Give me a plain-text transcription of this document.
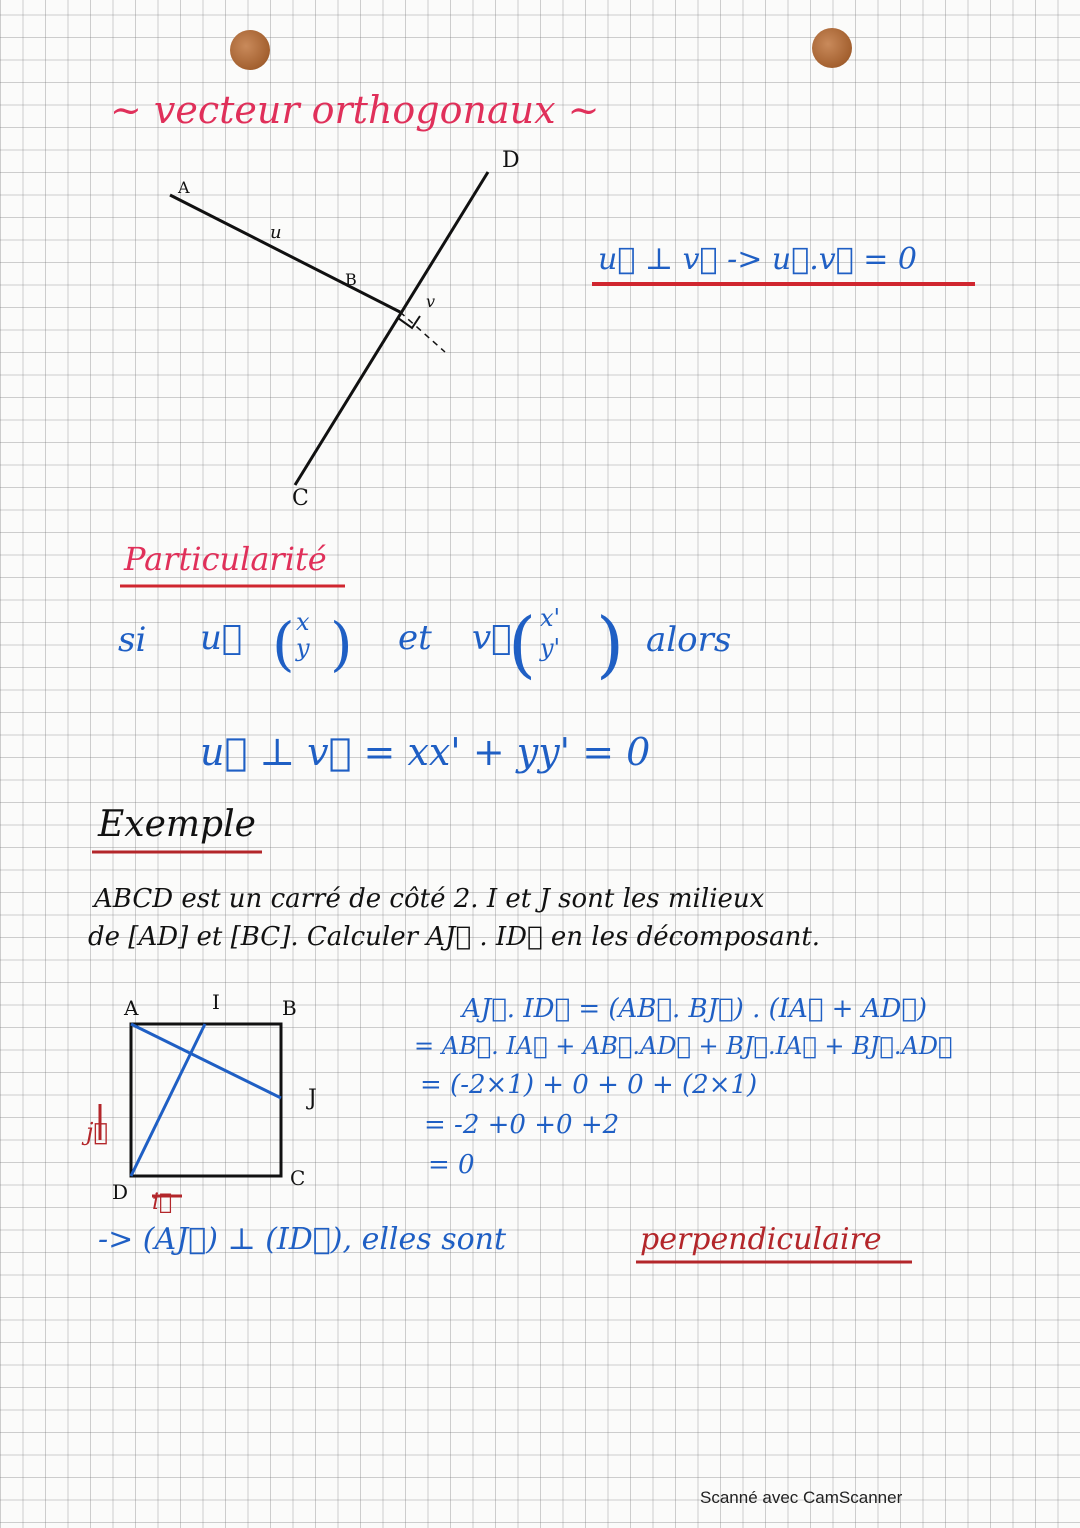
~ vecteur orthogonaux ~
A
B
C
D
u
v
u⃗ ⊥ v⃗ -> u⃗.v⃗ = 0
Particularité
si u⃗ ( x
y ) et v⃗
( x'
y' ) alors
u⃗ ⊥ v⃗ = xx' + yy' = 0
Exemple
ABCD est un carré de côté 2. I et J sont les milieux
de [AD] et [BC]. Calculer AJ⃗ . ID⃗ en les décomposant.
A	I	B
J
D
C
j⃗
i⃗
AJ⃗. ID⃗ = (AB⃗. BJ⃗) . (IA⃗ + AD⃗)
= AB⃗. IA⃗ + AB⃗.AD⃗ + BJ⃗.IA⃗ + BJ⃗.AD⃗
= (-2×1) + 0 + 0 + (2×1)
= -2 +0 +0 +2
= 0
-> (AJ⃗) ⊥ (ID⃗), elles sont	perpendiculaire
Scanné avec CamScanner
